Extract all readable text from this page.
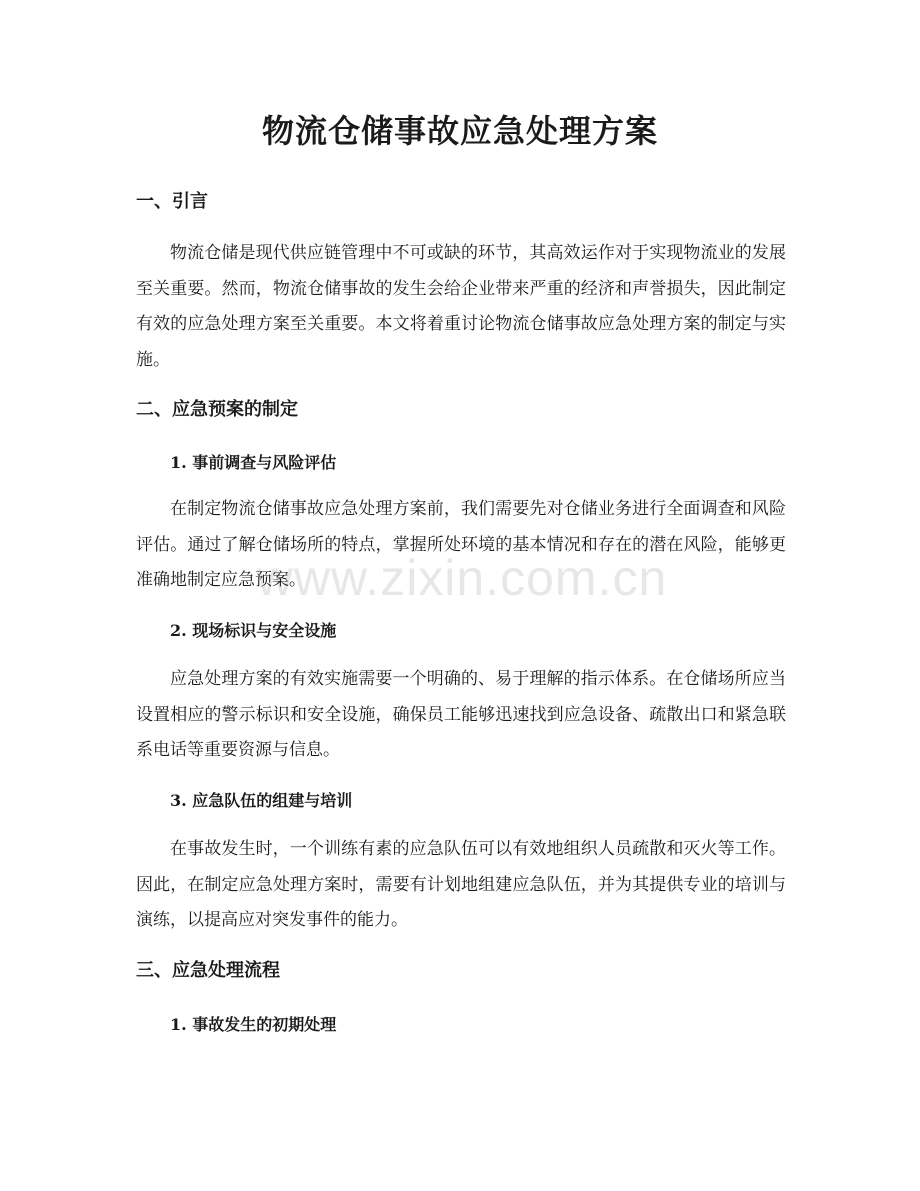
物流仓储事故应急处理方案
一、引言

物流仓储是现代供应链管理中不可或缺的环节，其高效运作对于实现物流业的发展至关重要。然而，物流仓储事故的发生会给企业带来严重的经济和声誉损失，因此制定有效的应急处理方案至关重要。本文将着重讨论物流仓储事故应急处理方案的制定与实施。

二、应急预案的制定
1. 事前调查与风险评估

在制定物流仓储事故应急处理方案前，我们需要先对仓储业务进行全面调查和风险评估。通过了解仓储场所的特点，掌握所处环境的基本情况和存在的潜在风险，能够更准确地制定应急预案。

2. 现场标识与安全设施

应急处理方案的有效实施需要一个明确的、易于理解的指示体系。在仓储场所应当设置相应的警示标识和安全设施，确保员工能够迅速找到应急设备、疏散出口和紧急联系电话等重要资源与信息。

3. 应急队伍的组建与培训

在事故发生时，一个训练有素的应急队伍可以有效地组织人员疏散和灭火等工作。因此，在制定应急处理方案时，需要有计划地组建应急队伍，并为其提供专业的培训与演练，以提高应对突发事件的能力。

三、应急处理流程
1. 事故发生的初期处理
www.zixin.com.cn
